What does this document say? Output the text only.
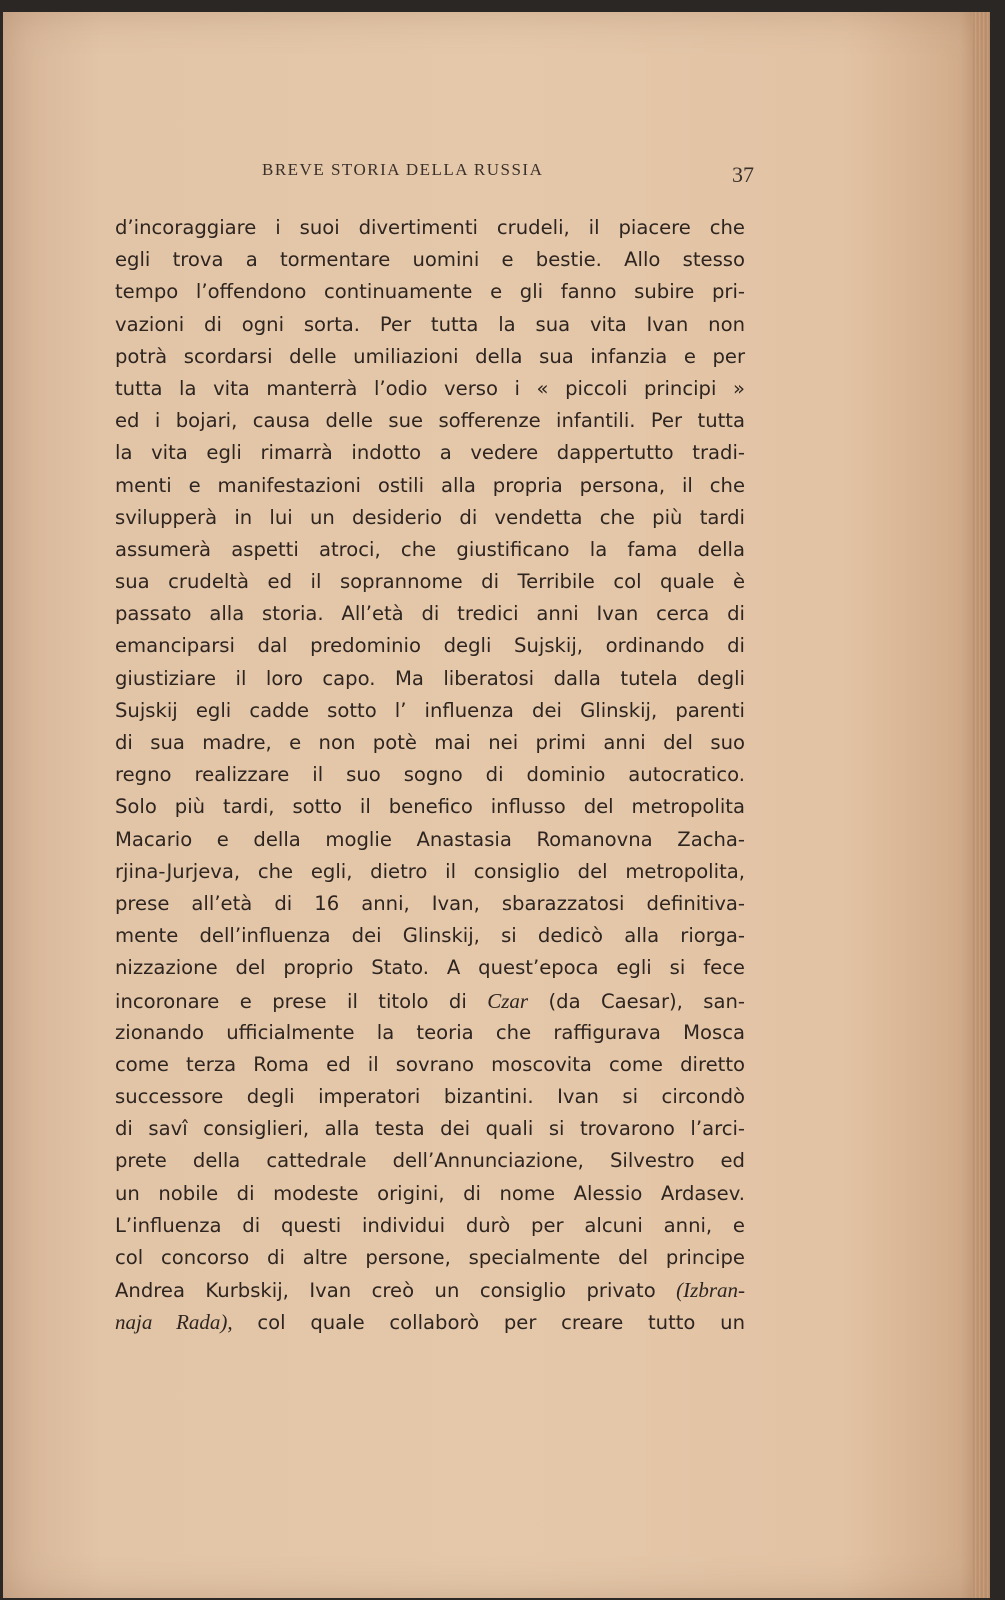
BREVE STORIA DELLA RUSSIA	37
d’incoraggiare i suoi divertimenti crudeli, il piacere che
egli trova a tormentare uomini e bestie. Allo stesso
tempo l’offendono continuamente e gli fanno subire pri-
vazioni di ogni sorta. Per tutta la sua vita Ivan non
potrà scordarsi delle umiliazioni della sua infanzia e per
tutta la vita manterrà l’odio verso i « piccoli principi »
ed i bojari, causa delle sue sofferenze infantili. Per tutta
la vita egli rimarrà indotto a vedere dappertutto tradi-
menti e manifestazioni ostili alla propria persona, il che
svilupperà in lui un desiderio di vendetta che più tardi
assumerà aspetti atroci, che giustificano la fama della
sua crudeltà ed il soprannome di Terribile col quale è
passato alla storia. All’età di tredici anni Ivan cerca di
emanciparsi dal predominio degli Sujskij, ordinando di
giustiziare il loro capo. Ma liberatosi dalla tutela degli
Sujskij egli cadde sotto l’ influenza dei Glinskij, parenti
di sua madre, e non potè mai nei primi anni del suo
regno realizzare il suo sogno di dominio autocratico.
Solo più tardi, sotto il benefico influsso del metropolita
Macario e della moglie Anastasia Romanovna Zacha-
rjina-Jurjeva, che egli, dietro il consiglio del metropolita,
prese all’età di 16 anni, Ivan, sbarazzatosi definitiva-
mente dell’influenza dei Glinskij, si dedicò alla riorga-
nizzazione del proprio Stato. A quest’epoca egli si fece
incoronare e prese il titolo di Czar (da Caesar), san-
zionando ufficialmente la teoria che raffigurava Mosca
come terza Roma ed il sovrano moscovita come diretto
successore degli imperatori bizantini. Ivan si circondò
di savî consiglieri, alla testa dei quali si trovarono l’arci-
prete della cattedrale dell’Annunciazione, Silvestro ed
un nobile di modeste origini, di nome Alessio Ardasev.
L’influenza di questi individui durò per alcuni anni, e
col concorso di altre persone, specialmente del principe
Andrea Kurbskij, Ivan creò un consiglio privato (Izbran-
naja Rada), col quale collaborò per creare tutto un
